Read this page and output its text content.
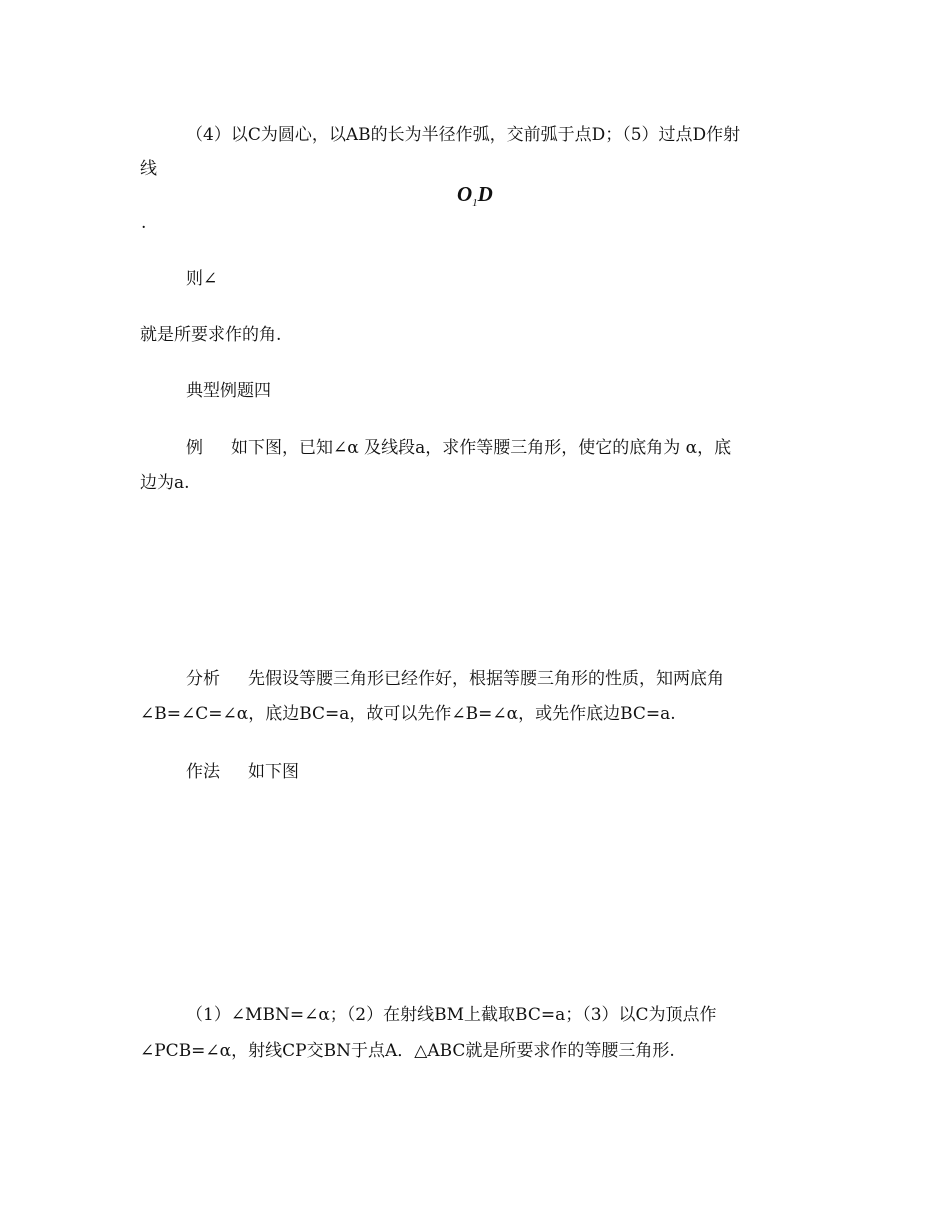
（4）以C为圆心，以AB的长为半径作弧，交前弧于点D；（5）过点D作射
线
$O_1D$
.
则∠
就是所要求作的角.
典型例题四
例 如下图，已知∠α 及线段a，求作等腰三角形，使它的底角为 α，底
边为a.
分析 先假设等腰三角形已经作好，根据等腰三角形的性质，知两底角
∠B=∠C=∠α，底边BC=a，故可以先作∠B=∠α，或先作底边BC=a.
作法 如下图
（1）∠MBN=∠α；（2）在射线BM上截取BC=a；（3）以C为顶点作
∠PCB=∠α，射线CP交BN于点A．△ABC就是所要求作的等腰三角形.
